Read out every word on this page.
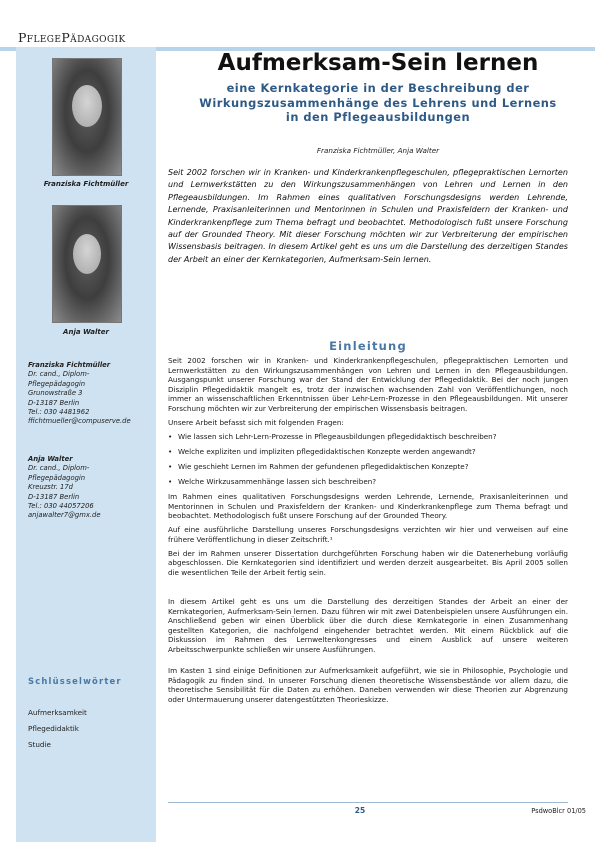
PflegePädagogik
Franziska Fichtmüller
Anja Walter
Franziska Fichtmüller
Dr. cand., Diplom-
Pflegepädagogin
Grunowstraße 3
D-13187 Berlin
Tel.: 030 4481962
ffichtmueller@compuserve.de
Anja Walter
Dr. cand., Diplom-
Pflegepädagogin
Kreuzstr. 17d
D-13187 Berlin
Tel.: 030 44057206
anjawalter7@gmx.de
Schlüsselwörter
Aufmerksamkeit
Pflegedidaktik
Studie
Aufmerksam-Sein lernen
eine Kernkategorie in der Beschreibung der
Wirkungszusammenhänge des Lehrens und Lernens
in den Pflegeausbildungen
Franziska Fichtmüller, Anja Walter
Seit 2002 forschen wir in Kranken- und Kinderkrankenpflegeschulen, pflegepraktischen Lernorten und Lernwerkstätten zu den Wirkungszusammenhängen von Lehren und Lernen in den Pflegeausbildungen. Im Rahmen eines qualitativen Forschungsdesigns werden Lehrende, Lernende, Praxisanleiterinnen und Mentorinnen in Schulen und Praxisfeldern der Kranken- und Kinderkrankenpflege zum Thema befragt und beobachtet. Methodologisch fußt unsere Forschung auf der Grounded Theory. Mit dieser Forschung möchten wir zur Verbreiterung der empirischen Wissensbasis beitragen. In diesem Artikel geht es uns um die Darstellung des derzeitigen Standes der Arbeit an einer der Kernkategorien, Aufmerksam-Sein lernen.
Einleitung

Seit 2002 forschen wir in Kranken- und Kinderkrankenpflegeschulen, pflegepraktischen Lernorten und Lernwerkstätten zu den Wirkungszusammenhängen von Lehren und Lernen in den Pflegeausbildungen. Ausgangspunkt unserer Forschung war der Stand der Entwicklung der Pflegedidaktik. Bei der noch jungen Disziplin Pflegedidaktik mangelt es, trotz der inzwischen wachsenden Zahl von Veröffentlichungen, noch immer an wissenschaftlichen Erkenntnissen über Lehr-Lern-Prozesse in den Pflegeausbildungen. Mit unserer Forschung möchten wir zur Verbreiterung der empirischen Wissensbasis beitragen.

Unsere Arbeit befasst sich mit folgenden Fragen:

• Wie lassen sich Lehr-Lern-Prozesse in Pflegeausbildungen pflegedidaktisch beschreiben?
• Welche expliziten und impliziten pflegedidaktischen Konzepte werden angewandt?
• Wie geschieht Lernen im Rahmen der gefundenen pflegedidaktischen Konzepte?
• Welche Wirkzusammenhänge lassen sich beschreiben?

Im Rahmen eines qualitativen Forschungsdesigns werden Lehrende, Lernende, Praxisanleiterinnen und Mentorinnen in Schulen und Praxisfeldern der Kranken- und Kinderkrankenpflege zum Thema befragt und beobachtet. Methodologisch fußt unsere Forschung auf der Grounded Theory.

Auf eine ausführliche Darstellung unseres Forschungsdesigns verzichten wir hier und verweisen auf eine frühere Veröffentlichung in dieser Zeitschrift.¹

Bei der im Rahmen unserer Dissertation durchgeführten Forschung haben wir die Datenerhebung vorläufig abgeschlossen. Die Kernkategorien sind identifiziert und werden derzeit ausgearbeitet. Bis April 2005 sollen die wesentlichen Teile der Arbeit fertig sein.

In diesem Artikel geht es uns um die Darstellung des derzeitigen Standes der Arbeit an einer der Kernkategorien, Aufmerksam-Sein lernen. Dazu führen wir mit zwei Datenbeispielen unsere Ausführungen ein. Anschließend geben wir einen Überblick über die durch diese Kernkategorie in einen Zusammenhang gestellten Kategorien, die nachfolgend eingehender betrachtet werden. Mit einem Rückblick auf die Diskussion im Rahmen des Lernweltenkongresses und einem Ausblick auf unsere weiteren Arbeitsschwerpunkte schließen wir unsere Ausführungen.

Im Kasten 1 sind einige Definitionen zur Aufmerksamkeit aufgeführt, wie sie in Philosophie, Psychologie und Pädagogik zu finden sind. In unserer Forschung dienen theoretische Wissensbestände vor allem dazu, die theoretische Sensibilität für die Daten zu erhöhen. Daneben verwenden wir diese Theorien zur Abgrenzung oder Untermauerung unserer datengestützten Theorieskizze.

25	PsdwoBlcr 01/05
